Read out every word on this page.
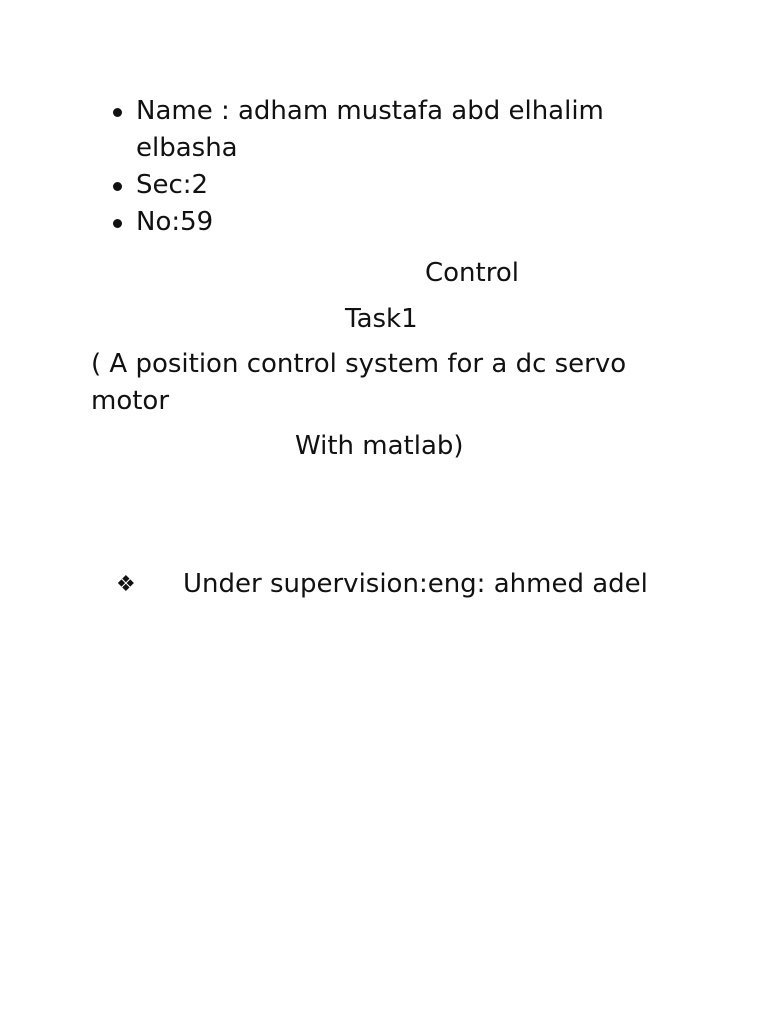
Name : adham mustafa abd elhalim elbasha
Sec:2
No:59

Control

Task1

( A position control system for a dc servo motor

With matlab)

❖ Under supervision:eng: ahmed adel
